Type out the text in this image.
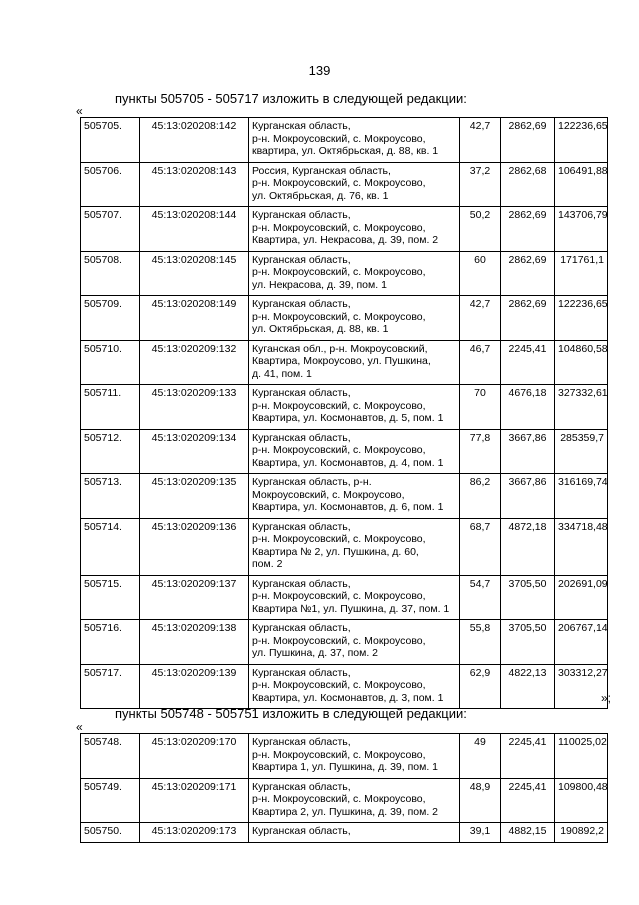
139
пункты 505705 - 505717 изложить в следующей редакции:
«
505705.	45:13:020208:142	Курганская область,
р-н. Мокроусовский, с. Мокроусово,
квартира, ул. Октябрьская, д. 88, кв. 1	42,7	2862,69	122236,65
505706.	45:13:020208:143	Россия, Курганская область,
р-н. Мокроусовский, с. Мокроусово,
ул. Октябрьская, д. 76, кв. 1	37,2	2862,68	106491,88
505707.	45:13:020208:144	Курганская область,
р-н. Мокроусовский, с. Мокроусово,
Квартира, ул. Некрасова, д. 39, пом. 2	50,2	2862,69	143706,79
505708.	45:13:020208:145	Курганская область,
р-н. Мокроусовский, с. Мокроусово,
ул. Некрасова, д. 39, пом. 1	60	2862,69	171761,1
505709.	45:13:020208:149	Курганская область,
р-н. Мокроусовский, с. Мокроусово,
ул. Октябрьская, д. 88, кв. 1	42,7	2862,69	122236,65
505710.	45:13:020209:132	Куганская обл., р-н. Мокроусовский,
Квартира, Мокроусово, ул. Пушкина,
д. 41, пом. 1	46,7	2245,41	104860,58
505711.	45:13:020209:133	Курганская область,
р-н. Мокроусовский, с. Мокроусово,
Квартира, ул. Космонавтов, д. 5, пом. 1	70	4676,18	327332,61
505712.	45:13:020209:134	Курганская область,
р-н. Мокроусовский, с. Мокроусово,
Квартира, ул. Космонавтов, д. 4, пом. 1	77,8	3667,86	285359,7
505713.	45:13:020209:135	Курганская область, р-н.
Мокроусовский, с. Мокроусово,
Квартира, ул. Космонавтов, д. 6, пом. 1	86,2	3667,86	316169,74
505714.	45:13:020209:136	Курганская область,
р-н. Мокроусовский, с. Мокроусово,
Квартира № 2, ул. Пушкина, д. 60,
пом. 2	68,7	4872,18	334718,48
505715.	45:13:020209:137	Курганская область,
р-н. Мокроусовский, с. Мокроусово,
Квартира №1, ул. Пушкина, д. 37, пом. 1	54,7	3705,50	202691,09
505716.	45:13:020209:138	Курганская область,
р-н. Мокроусовский, с. Мокроусово,
ул. Пушкина, д. 37, пом. 2	55,8	3705,50	206767,14
505717.	45:13:020209:139	Курганская область,
р-н. Мокроусовский, с. Мокроусово,
Квартира, ул. Космонавтов, д. 3, пом. 1	62,9	4822,13	303312,27
»;
пункты 505748 - 505751 изложить в следующей редакции:
«
505748.	45:13:020209:170	Курганская область,
р-н. Мокроусовский, с. Мокроусово,
Квартира 1, ул. Пушкина, д. 39, пом. 1	49	2245,41	110025,02
505749.	45:13:020209:171	Курганская область,
р-н. Мокроусовский, с. Мокроусово,
Квартира 2, ул. Пушкина, д. 39, пом. 2	48,9	2245,41	109800,48
505750.	45:13:020209:173	Курганская область,	39,1	4882,15	190892,2
